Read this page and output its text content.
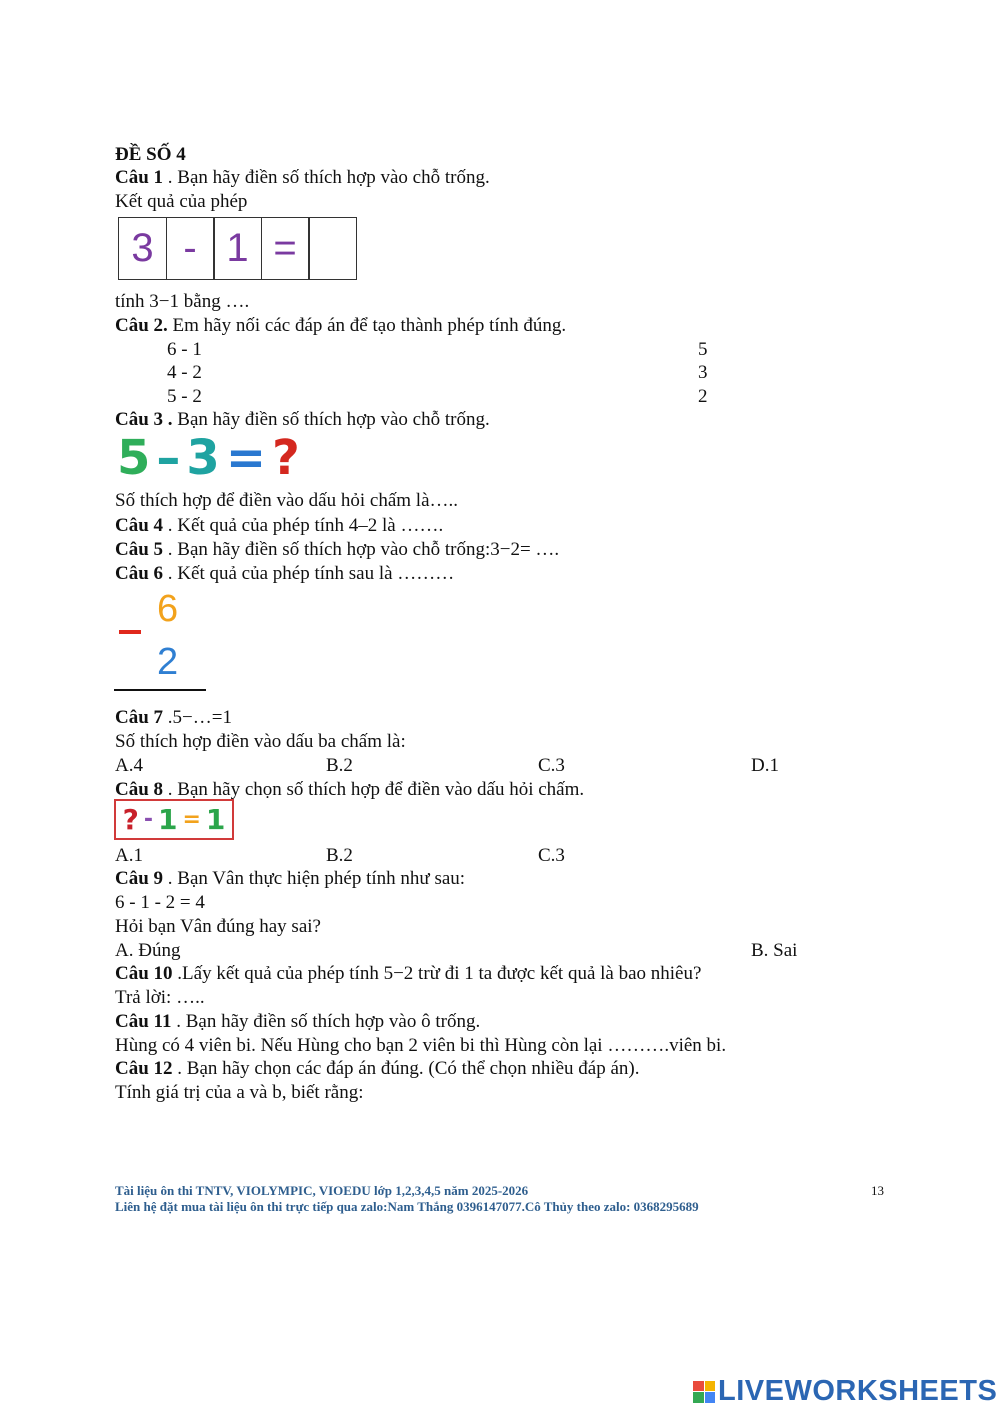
ĐỀ SỐ 4
Câu 1 . Bạn hãy điền số thích hợp vào chỗ trống.
Kết quả của phép
3 - 1 =
tính 3−1 bằng ….
Câu 2. Em hãy nối các đáp án để tạo thành phép tính đúng.
6 - 1
4 - 2
5 - 2
5
3
2
Câu 3 . Bạn hãy điền số thích hợp vào chỗ trống.
5 – 3 = ?
Số thích hợp để điền vào dấu hỏi chấm là…..
Câu 4 . Kết quả của phép tính 4–2 là …….
Câu 5 . Bạn hãy điền số thích hợp vào chỗ trống:3−2= ….
Câu 6 . Kết quả của phép tính sau là ………
6
2
Câu 7 .5−…=1
Số thích hợp điền vào dấu ba chấm là:
A.4	B.2	C.3	D.1
Câu 8 . Bạn hãy chọn số thích hợp để điền vào dấu hỏi chấm.
? - 1 = 1
A.1	B.2	C.3
Câu 9 . Bạn Vân thực hiện phép tính như sau:
6 - 1 - 2 = 4
Hỏi bạn Vân đúng hay sai?
A. Đúng	B. Sai
Câu 10 .Lấy kết quả của phép tính 5−2 trừ đi 1 ta được kết quả là bao nhiêu?
Trả lời: …..
Câu 11 . Bạn hãy điền số thích hợp vào ô trống.
Hùng có 4 viên bi. Nếu Hùng cho bạn 2 viên bi thì Hùng còn lại ……….viên bi.
Câu 12 . Bạn hãy chọn các đáp án đúng. (Có thể chọn nhiều đáp án).
Tính giá trị của a và b, biết rằng:
Tài liệu ôn thi TNTV, VIOLYMPIC, VIOEDU lớp 1,2,3,4,5 năm 2025-2026
Liên hệ đặt mua tài liệu ôn thi trực tiếp qua zalo:Nam Thắng 0396147077.Cô Thủy theo zalo: 0368295689
13
LIVEWORKSHEETS
